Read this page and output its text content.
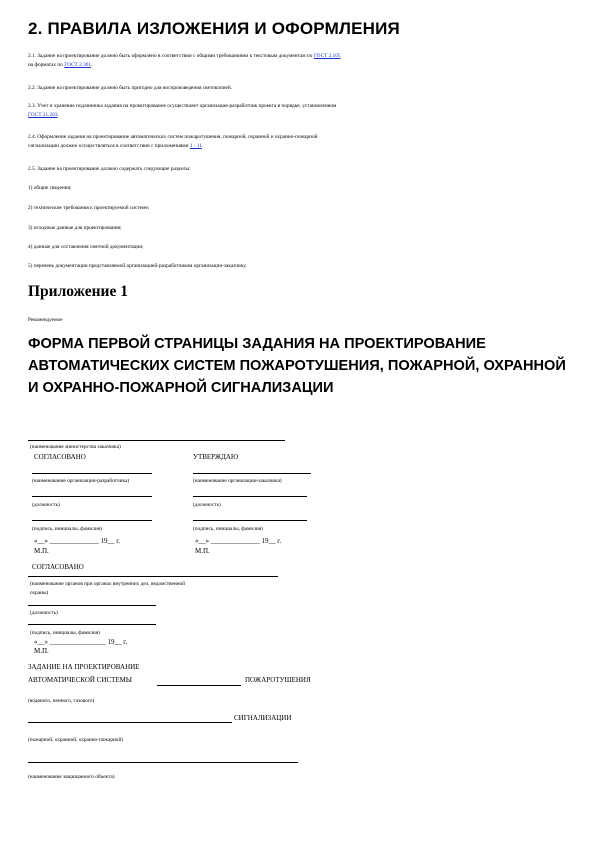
2. ПРАВИЛА ИЗЛОЖЕНИЯ И ОФОРМЛЕНИЯ
2.1. Задание на проектирование должно быть оформлено в соответствии с общими требованиями к текстовым документам по ГОСТ 2.105
на форматах по ГОСТ 2.301.
2.2. Задание на проектирование должно быть пригодно для воспроизведения светокопией.
2.3. Учет и хранение подлинника задания на проектирование осуществляет организация-разработчик проекта в порядке, установленном
ГОСТ 21.203.
2.4. Оформление задания на проектирование автоматических систем пожаротушения, пожарной, охранной и охранно-пожарной
сигнализации должно осуществляться в соответствии с приложениями 1 - 11.
2.5. Задание на проектирование должно содержать следующие разделы:
1) общие сведения;
2) технические требования к проектируемой системе;
3) исходные данные для проектирования;
4) данные для составления сметной документации;
5) перечень документации представляемой организацией-разработчиком организации-заказчику.
Приложение 1
Рекомендуемое
ФОРМА ПЕРВОЙ СТРАНИЦЫ ЗАДАНИЯ НА ПРОЕКТИРОВАНИЕ АВТОМАТИЧЕСКИХ СИСТЕМ ПОЖАРОТУШЕНИЯ, ПОЖАРНОЙ, ОХРАННОЙ И ОХРАННО-ПОЖАРНОЙ СИГНАЛИЗАЦИИ
(наименование министерства заказчика)
СОГЛАСОВАНО	УТВЕРЖДАЮ
(наименование организации-разработчика)	(наименование организации-заказчика)
(должность)	(должность)
(подпись, инициалы, фамилия)	(подпись, инициалы, фамилия)
«__» ______________ 19__ г.	«__» ______________ 19__ г.
М.П.	М.П.
СОГЛАСОВАНО
(наименование органов при органах внутренних дел, ведомственной
охраны)
(должность)
(подпись, инициалы, фамилия)
«__» ________________ 19__ г.
М.П.
ЗАДАНИЕ НА ПРОЕКТИРОВАНИЕ
АВТОМАТИЧЕСКОЙ СИСТЕМЫ	ПОЖАРОТУШЕНИЯ
(водяного, пенного, газового)
СИГНАЛИЗАЦИИ
(пожарной, охранной, охранно-пожарной)
(наименование защищаемого объекта)
